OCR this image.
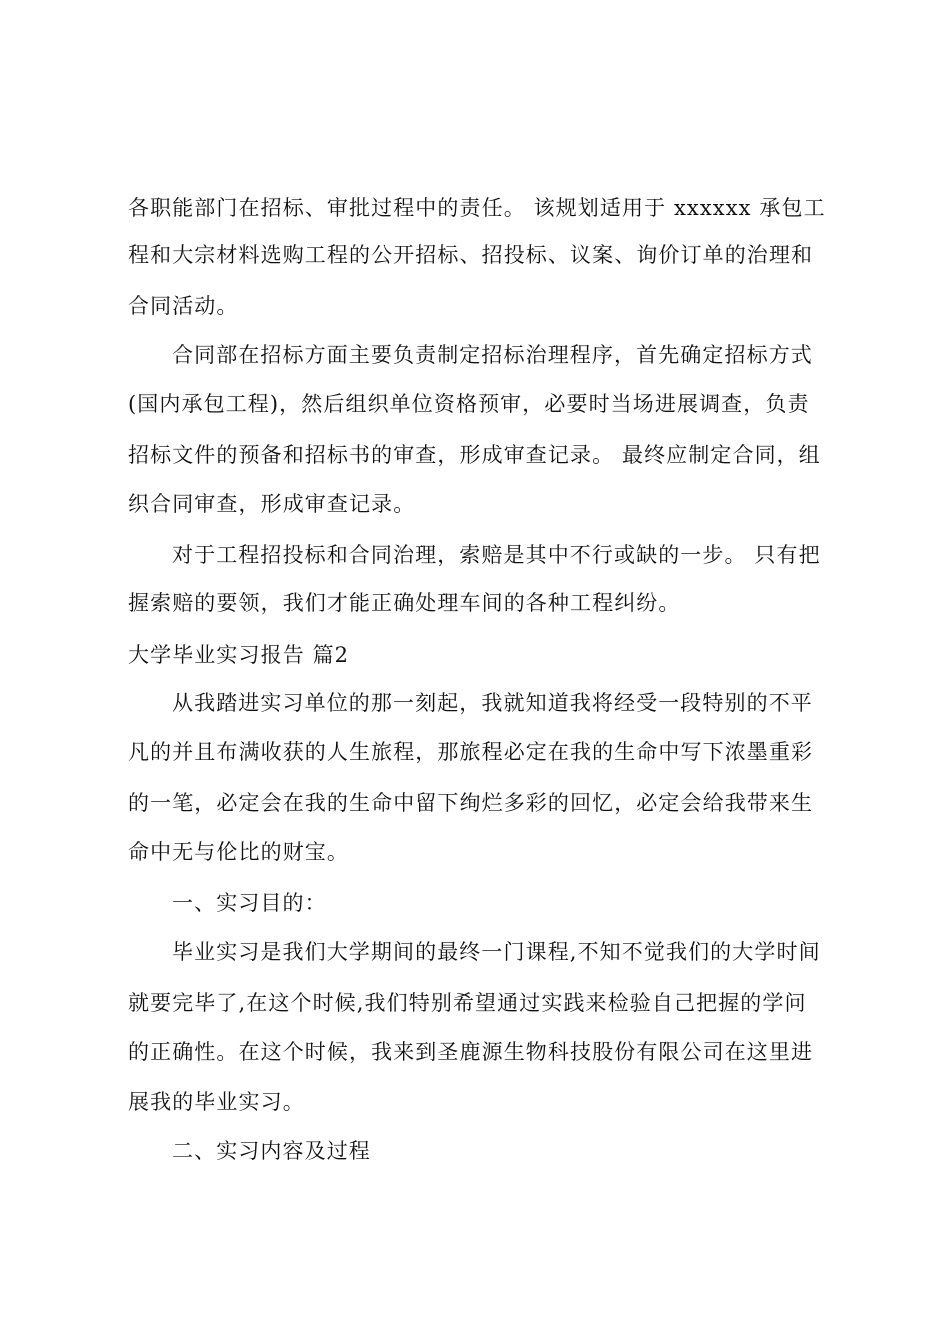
各职能部门在招标、审批过程中的责任。 该规划适用于 xxxxxx 承包工
程和大宗材料选购工程的公开招标、招投标、议案、询价订单的治理和
合同活动。
合同部在招标方面主要负责制定招标治理程序，首先确定招标方式
(国内承包工程)，然后组织单位资格预审，必要时当场进展调查，负责
招标文件的预备和招标书的审查，形成审查记录。 最终应制定合同，组
织合同审查，形成审查记录。
对于工程招投标和合同治理，索赔是其中不行或缺的一步。 只有把
握索赔的要领，我们才能正确处理车间的各种工程纠纷。
大学毕业实习报告 篇2
从我踏进实习单位的那一刻起，我就知道我将经受一段特别的不平
凡的并且布满收获的人生旅程，那旅程必定在我的生命中写下浓墨重彩
的一笔，必定会在我的生命中留下绚烂多彩的回忆，必定会给我带来生
命中无与伦比的财宝。
一、实习目的：
毕业实习是我们大学期间的最终一门课程,不知不觉我们的大学时间
就要完毕了,在这个时候,我们特别希望通过实践来检验自己把握的学问
的正确性。在这个时候，我来到圣鹿源生物科技股份有限公司在这里进
展我的毕业实习。
二、实习内容及过程
